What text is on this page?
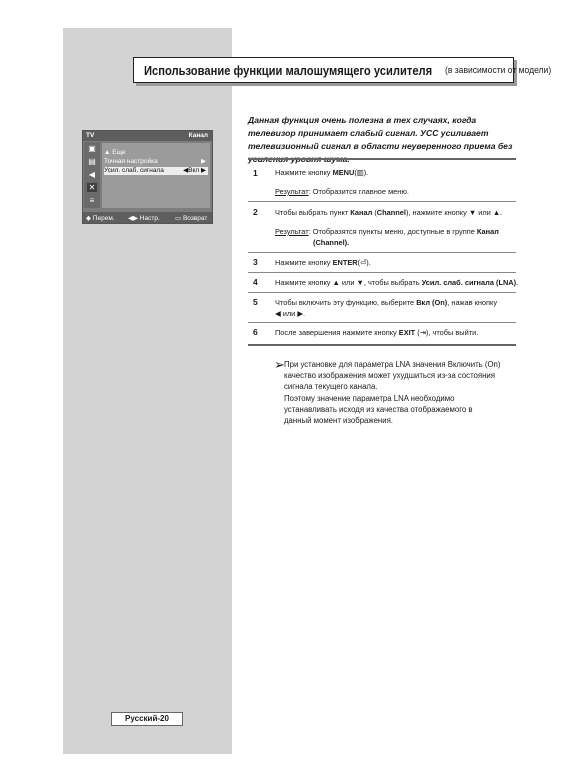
Использование функции малошумящего усилителя (в зависимости от модели)
TV	Канал
▣
▤
◀
✕
≡
▲ Еще
Точная настройка	▶
Усил. слаб. сигнала	◀Вкл ▶
◆ Перем. ◀▶ Настр. ▭ Возврат
Данная функция очень полезна в тех случаях, когда телевизор принимает слабый сигнал. УСС усиливает телевизионный сигнал в области неуверенного приема без усиления уровня шума.
1 Нажмите кнопку MENU(▥).
Результат: Отобразится главное меню.
2 Чтобы выбрать пункт Канал (Channel), нажмите кнопку ▼ или ▲.
Результат: Отобразятся пункты меню, доступные в группе Канал
(Channel).
3 Нажмите кнопку ENTER(⏎).
4 Нажмите кнопку ▲ или ▼, чтобы выбрать Усил. слаб. сигнала (LNA).
5 Чтобы включить эту функцию, выберите Вкл (On), нажав кнопку
◀ или ▶.
6 После завершения нажмите кнопку EXIT (⇥), чтобы выйти.
➢ При установке для параметра LNA значения Включить (On)
качество изображения может ухудшиться из-за состояния
сигнала текущего канала.
Поэтому значение параметра LNA необходимо
устанавливать исходя из качества отображаемого в
данный момент изображения.
Русский-20
